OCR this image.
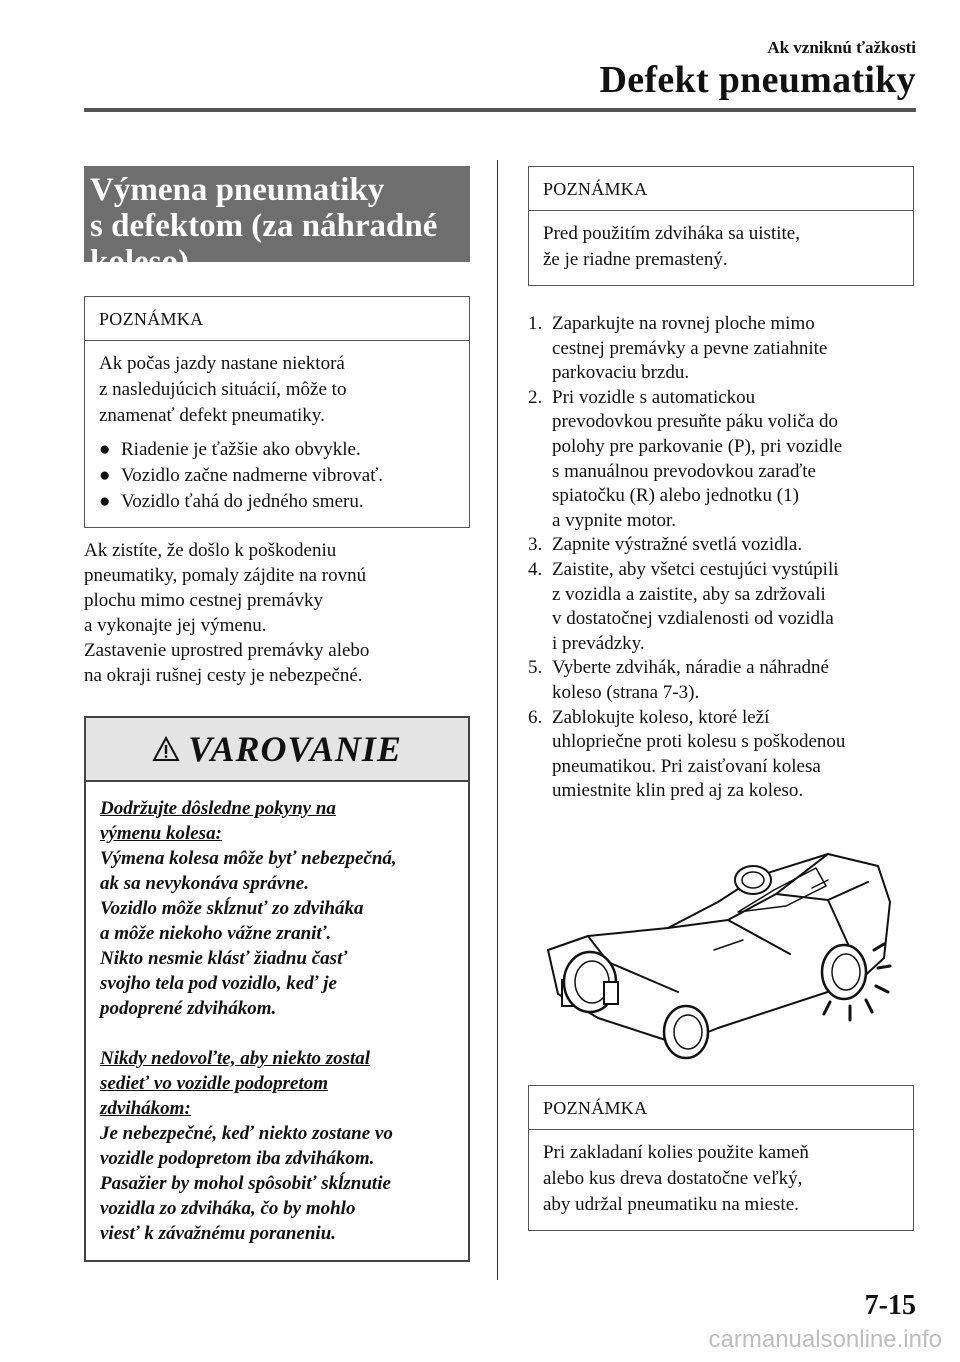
Ak vzniknú ťažkosti
Defekt pneumatiky
Výmena pneumatiky
s defektom (za náhradné
koleso)
POZNÁMKA
Ak počas jazdy nastane niektorá
z nasledujúcich situácií, môže to
znamenať defekt pneumatiky.
● Riadenie je ťažšie ako obvykle.
● Vozidlo začne nadmerne vibrovať.
● Vozidlo ťahá do jedného smeru.

Ak zistíte, že došlo k poškodeniu

pneumatiky, pomaly zájdite na rovnú

plochu mimo cestnej premávky

a vykonajte jej výmenu.

Zastavenie uprostred premávky alebo

na okraji rušnej cesty je nebezpečné.

VAROVANIE

Dodržujte dôsledne pokyny na

výmenu kolesa:

Výmena kolesa môže byť nebezpečná,

ak sa nevykonáva správne.

Vozidlo môže skĺznuť zo zdviháka

a môže niekoho vážne zraniť.

Nikto nesmie klásť žiadnu časť

svojho tela pod vozidlo, keď je

podoprené zdvihákom.

Nikdy nedovoľte, aby niekto zostal

sedieť vo vozidle podopretom

zdvihákom:

Je nebezpečné, keď niekto zostane vo

vozidle podopretom iba zdvihákom.

Pasažier by mohol spôsobiť skĺznutie

vozidla zo zdviháka, čo by mohlo

viesť k závažnému poraneniu.

POZNÁMKA
Pred použitím zdviháka sa uistite,
že je riadne premastený.
1. Zaparkujte na rovnej ploche mimo
cestnej premávky a pevne zatiahnite
parkovaciu brzdu.
2. Pri vozidle s automatickou
prevodovkou presuňte páku voliča do
polohy pre parkovanie (P), pri vozidle
s manuálnou prevodovkou zaraďte
spiatočku (R) alebo jednotku (1)
a vypnite motor.
3. Zapnite výstražné svetlá vozidla.
4. Zaistite, aby všetci cestujúci vystúpili
z vozidla a zaistite, aby sa zdržovali
v dostatočnej vzdialenosti od vozidla
i prevádzky.
5. Vyberte zdvihák, náradie a náhradné
koleso (strana 7-3).
6. Zablokujte koleso, ktoré leží
uhlopriečne proti kolesu s poškodenou
pneumatikou. Pri zaisťovaní kolesa
umiestnite klin pred aj za koleso.
POZNÁMKA
Pri zakladaní kolies použite kameň
alebo kus dreva dostatočne veľký,
aby udržal pneumatiku na mieste.
7-15
carmanualsonline.info
